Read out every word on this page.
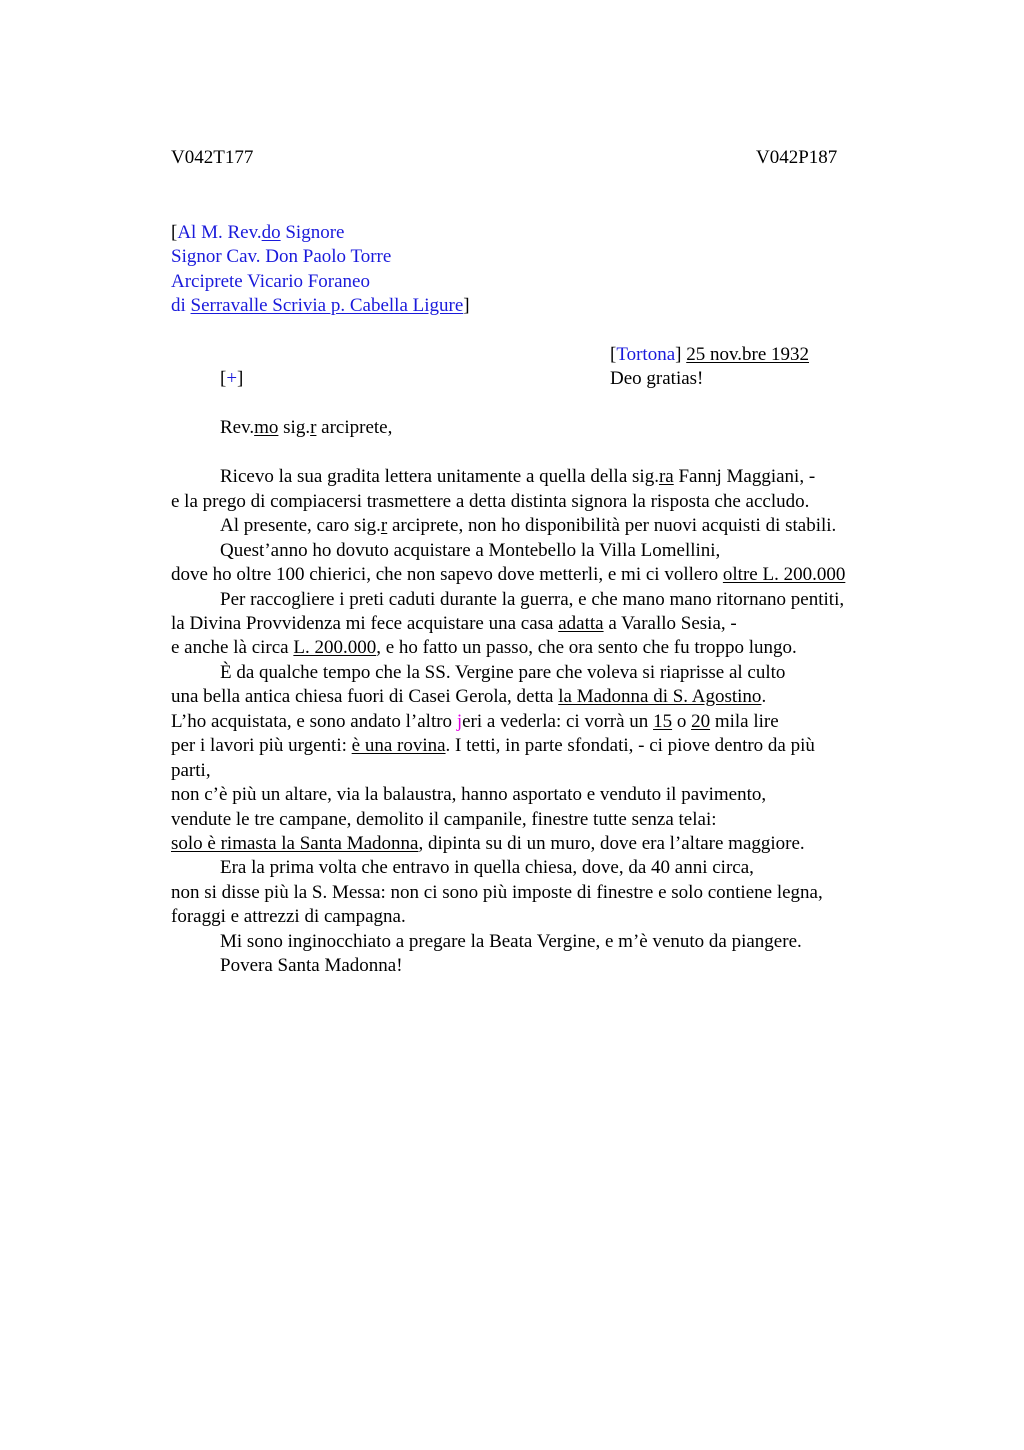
V042T177	V042P187
[Al M. Rev.do Signore
Signor Cav. Don Paolo Torre
Arciprete Vicario Foraneo
di Serravalle Scrivia p. Cabella Ligure]
[Tortona] 25 nov.bre 1932
[+]	Deo gratias!
Rev.mo sig.r arciprete,
Ricevo la sua gradita lettera unitamente a quella della sig.ra Fannj Maggiani, -
e la prego di compiacersi trasmettere a detta distinta signora la risposta che accludo.
Al presente, caro sig.r arciprete, non ho disponibilità per nuovi acquisti di stabili.
Quest’anno ho dovuto acquistare a Montebello la Villa Lomellini,
dove ho oltre 100 chierici, che non sapevo dove metterli, e mi ci vollero oltre L. 200.000
Per raccogliere i preti caduti durante la guerra, e che mano mano ritornano pentiti,
la Divina Provvidenza mi fece acquistare una casa adatta a Varallo Sesia, -
e anche là circa L. 200.000, e ho fatto un passo, che ora sento che fu troppo lungo.
È da qualche tempo che la SS. Vergine pare che voleva si riaprisse al culto
una bella antica chiesa fuori di Casei Gerola, detta la Madonna di S. Agostino.
L’ho acquistata, e sono andato l’altro jeri a vederla: ci vorrà un 15 o 20 mila lire
per i lavori più urgenti: è una rovina. I tetti, in parte sfondati, - ci piove dentro da più
parti,
non c’è più un altare, via la balaustra, hanno asportato e venduto il pavimento,
vendute le tre campane, demolito il campanile, finestre tutte senza telai:
solo è rimasta la Santa Madonna, dipinta su di un muro, dove era l’altare maggiore.
Era la prima volta che entravo in quella chiesa, dove, da 40 anni circa,
non si disse più la S. Messa: non ci sono più imposte di finestre e solo contiene legna,
foraggi e attrezzi di campagna.
Mi sono inginocchiato a pregare la Beata Vergine, e m’è venuto da piangere.
Povera Santa Madonna!
